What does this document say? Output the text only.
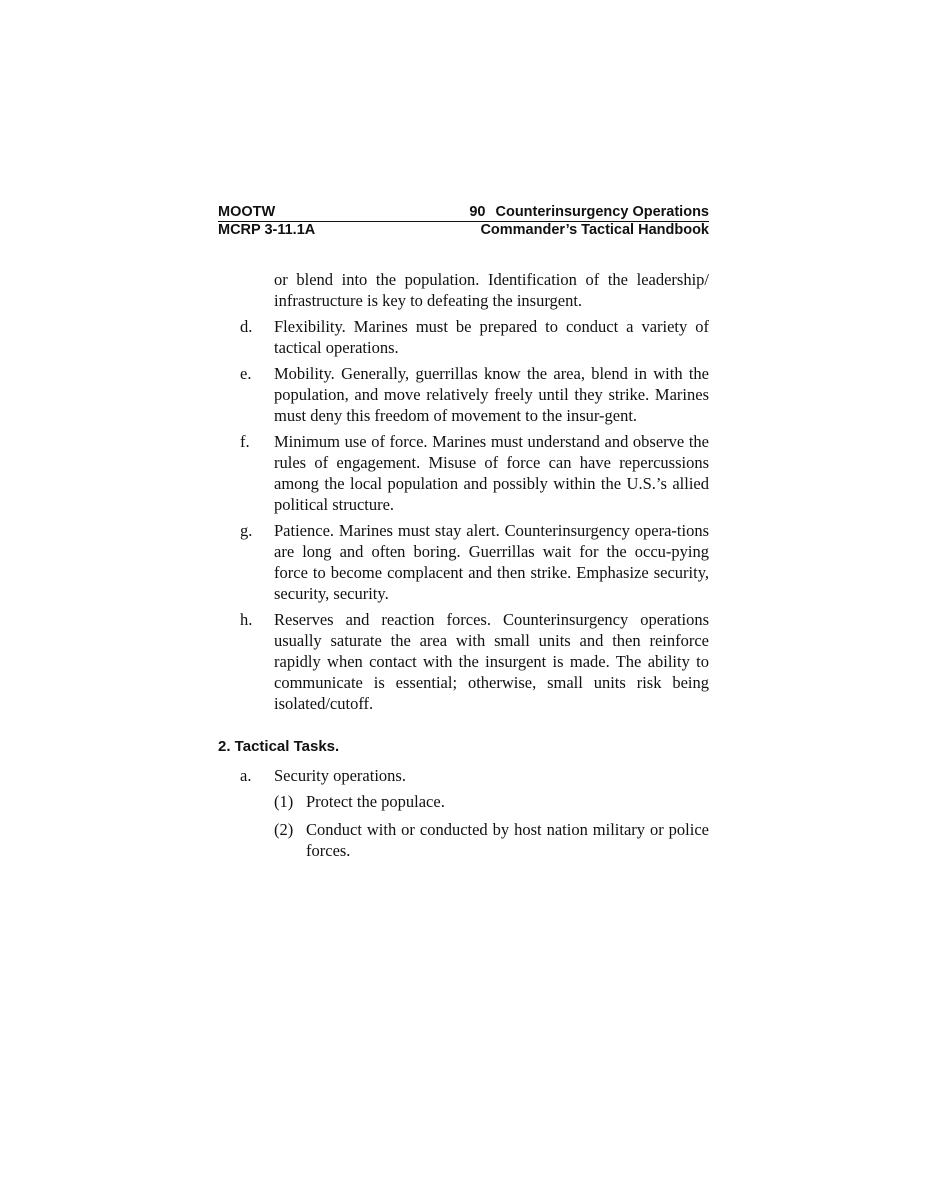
MOOTW	90 Counterinsurgency Operations
MCRP 3-11.1A	Commander’s Tactical Handbook
or blend into the population. Identification of the leadership/ infrastructure is key to defeating the insurgent.
d.	Flexibility. Marines must be prepared to conduct a variety of tactical operations.
e.	Mobility. Generally, guerrillas know the area, blend in with the population, and move relatively freely until they strike. Marines must deny this freedom of movement to the insur-gent.
f.	Minimum use of force. Marines must understand and observe the rules of engagement. Misuse of force can have repercussions among the local population and possibly within the U.S.’s allied political structure.
g.	Patience. Marines must stay alert. Counterinsurgency opera-tions are long and often boring. Guerrillas wait for the occu-pying force to become complacent and then strike. Emphasize security, security, security.
h.	Reserves and reaction forces. Counterinsurgency operations usually saturate the area with small units and then reinforce rapidly when contact with the insurgent is made. The ability to communicate is essential; otherwise, small units risk being isolated/cutoff.
2. Tactical Tasks.
a.	Security operations.
(1) Protect the populace.
(2) Conduct with or conducted by host nation military or police forces.
